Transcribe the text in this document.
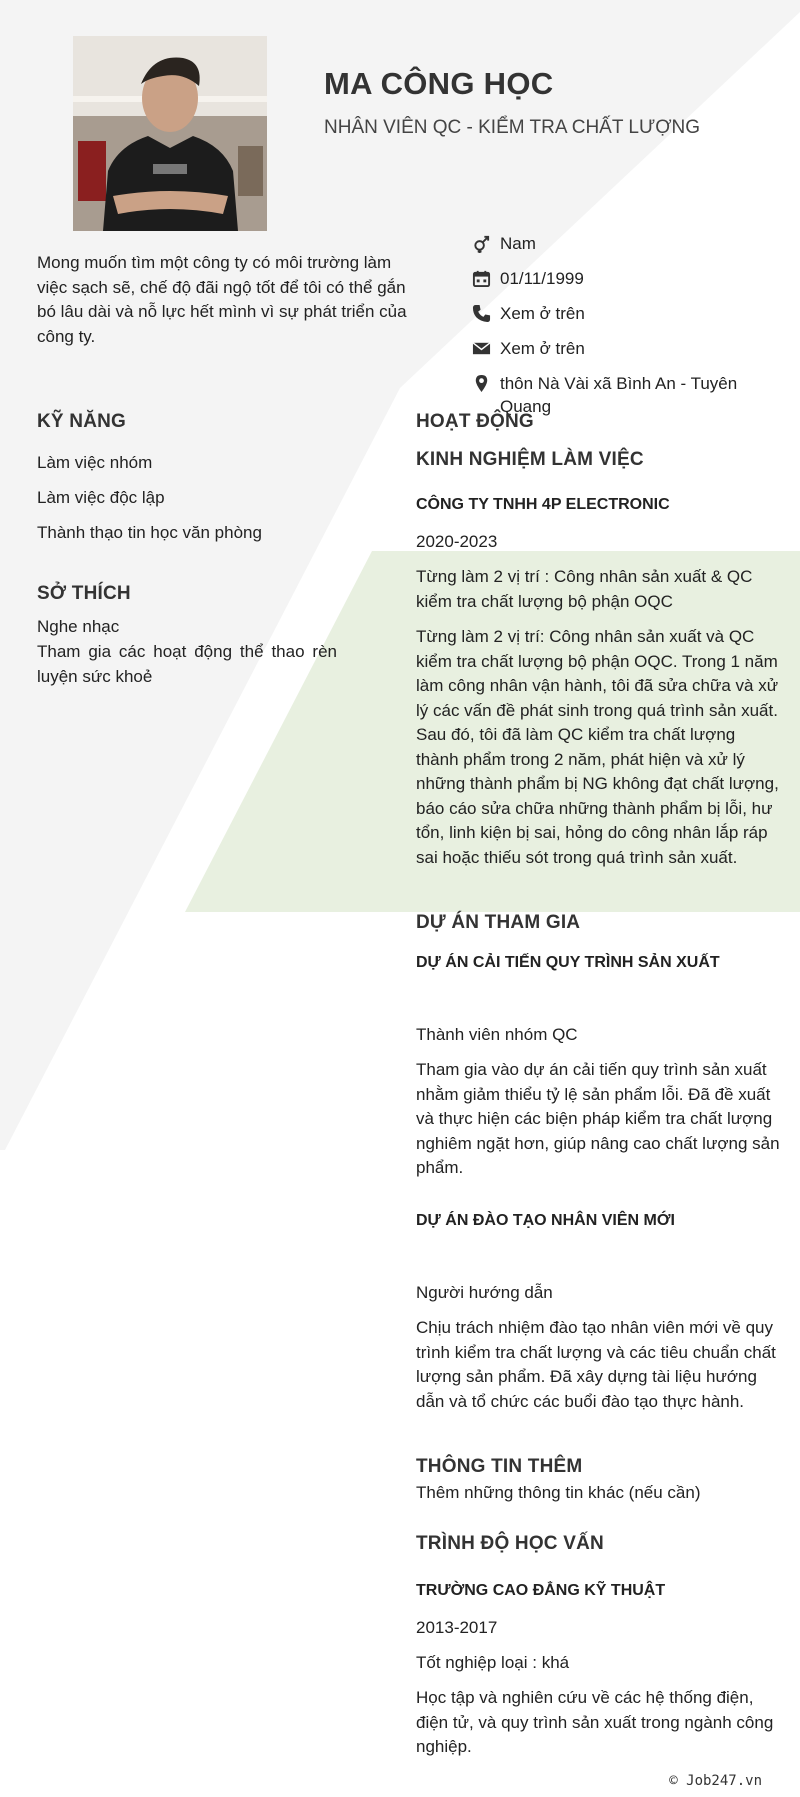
MA CÔNG HỌC
NHÂN VIÊN QC - KIỂM TRA CHẤT LƯỢNG
Mong muốn tìm một công ty có môi trường làm việc sạch sẽ, chế độ đãi ngộ tốt để tôi có thể gắn bó lâu dài và nỗ lực hết mình vì sự phát triển của công ty.
Nam
01/11/1999
Xem ở trên
Xem ở trên
thôn Nà Vài xã Bình An - Tuyên Quang
KỸ NĂNG
Làm việc nhóm
Làm việc độc lập
Thành thạo tin học văn phòng
SỞ THÍCH
Nghe nhạc
Tham gia các hoạt động thể thao rèn luyện sức khoẻ
HOẠT ĐỘNG
KINH NGHIỆM LÀM VIỆC
CÔNG TY TNHH 4P ELECTRONIC
2020-2023
Từng làm 2 vị trí : Công nhân sản xuất & QC kiểm tra chất lượng bộ phận OQC
Từng làm 2 vị trí: Công nhân sản xuất và QC kiểm tra chất lượng bộ phận OQC. Trong 1 năm làm công nhân vận hành, tôi đã sửa chữa và xử lý các vấn đề phát sinh trong quá trình sản xuất. Sau đó, tôi đã làm QC kiểm tra chất lượng thành phẩm trong 2 năm, phát hiện và xử lý những thành phẩm bị NG không đạt chất lượng, báo cáo sửa chữa những thành phẩm bị lỗi, hư tổn, linh kiện bị sai, hỏng do công nhân lắp ráp sai hoặc thiếu sót trong quá trình sản xuất.
DỰ ÁN THAM GIA
DỰ ÁN CẢI TIẾN QUY TRÌNH SẢN XUẤT
Thành viên nhóm QC
Tham gia vào dự án cải tiến quy trình sản xuất nhằm giảm thiểu tỷ lệ sản phẩm lỗi. Đã đề xuất và thực hiện các biện pháp kiểm tra chất lượng nghiêm ngặt hơn, giúp nâng cao chất lượng sản phẩm.
DỰ ÁN ĐÀO TẠO NHÂN VIÊN MỚI
Người hướng dẫn
Chịu trách nhiệm đào tạo nhân viên mới về quy trình kiểm tra chất lượng và các tiêu chuẩn chất lượng sản phẩm. Đã xây dựng tài liệu hướng dẫn và tổ chức các buổi đào tạo thực hành.
THÔNG TIN THÊM
Thêm những thông tin khác (nếu cần)
TRÌNH ĐỘ HỌC VẤN
TRƯỜNG CAO ĐẲNG KỸ THUẬT
2013-2017
Tốt nghiệp loại : khá
Học tập và nghiên cứu về các hệ thống điện, điện tử, và quy trình sản xuất trong ngành công nghiệp.
© Job247.vn
